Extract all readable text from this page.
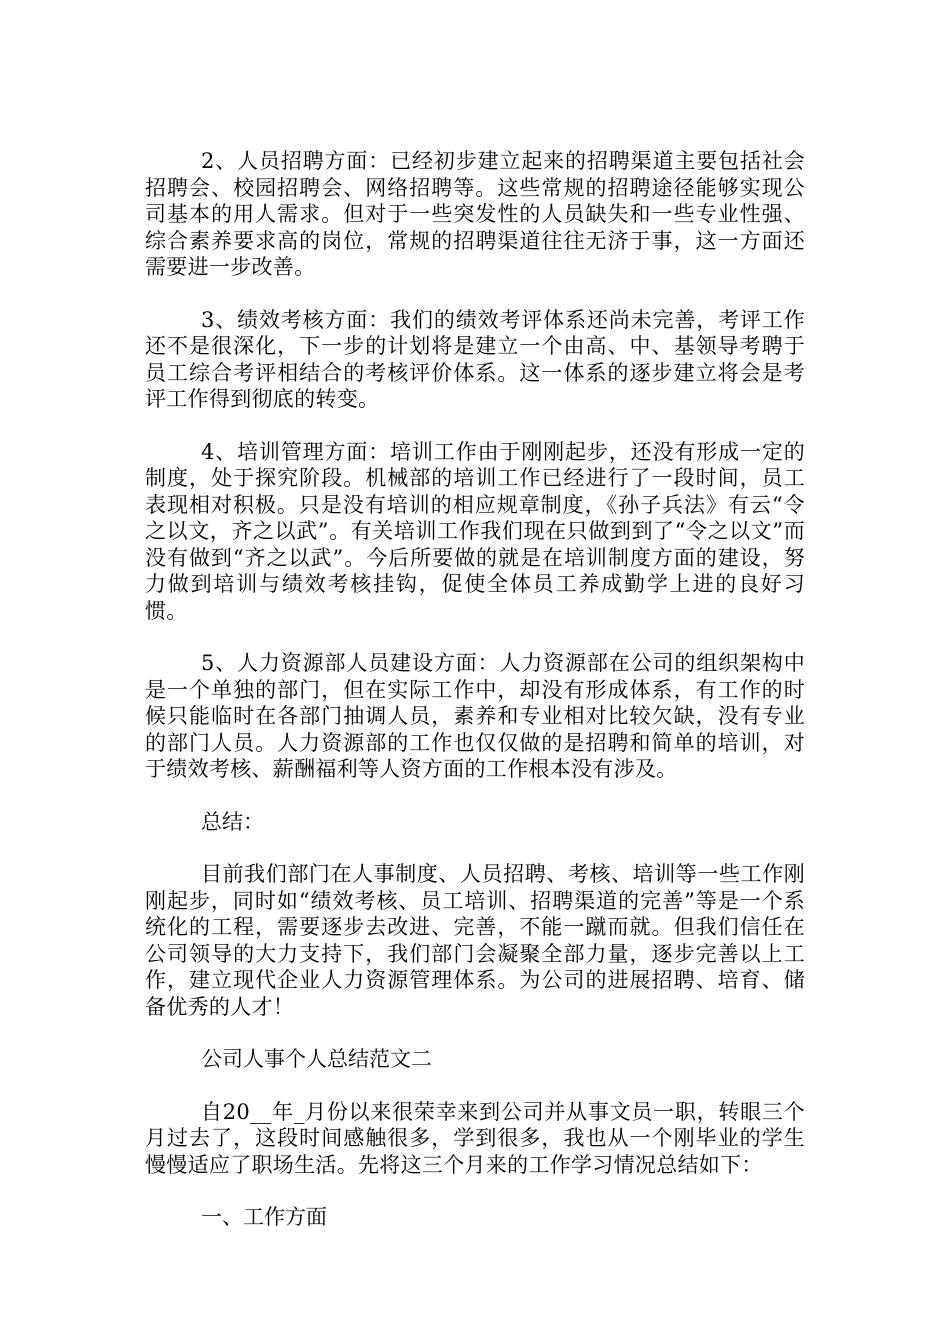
2、人员招聘方面：已经初步建立起来的招聘渠道主要包括社会招聘会、校园招聘会、网络招聘等。这些常规的招聘途径能够实现公司基本的用人需求。但对于一些突发性的人员缺失和一些专业性强、综合素养要求高的岗位，常规的招聘渠道往往无济于事，这一方面还需要进一步改善。

3、绩效考核方面：我们的绩效考评体系还尚未完善，考评工作还不是很深化，下一步的计划将是建立一个由高、中、基领导考聘于员工综合考评相结合的考核评价体系。这一体系的逐步建立将会是考评工作得到彻底的转变。

4、培训管理方面：培训工作由于刚刚起步，还没有形成一定的制度，处于探究阶段。机械部的培训工作已经进行了一段时间，员工表现相对积极。只是没有培训的相应规章制度，《孙子兵法》有云“令之以文，齐之以武”。有关培训工作我们现在只做到到了“令之以文”而没有做到“齐之以武”。今后所要做的就是在培训制度方面的建设，努力做到培训与绩效考核挂钩，促使全体员工养成勤学上进的良好习惯。

5、人力资源部人员建设方面：人力资源部在公司的组织架构中是一个单独的部门，但在实际工作中，却没有形成体系，有工作的时候只能临时在各部门抽调人员，素养和专业相对比较欠缺，没有专业的部门人员。人力资源部的工作也仅仅做的是招聘和简单的培训，对于绩效考核、薪酬福利等人资方面的工作根本没有涉及。

总结：

目前我们部门在人事制度、人员招聘、考核、培训等一些工作刚刚起步，同时如“绩效考核、员工培训、招聘渠道的完善”等是一个系统化的工程，需要逐步去改进、完善，不能一蹴而就。但我们信任在公司领导的大力支持下，我们部门会凝聚全部力量，逐步完善以上工作，建立现代企业人力资源管理体系。为公司的进展招聘、培育、储备优秀的人才！

公司人事个人总结范文二

自20__年_月份以来很荣幸来到公司并从事文员一职，转眼三个月过去了，这段时间感触很多，学到很多，我也从一个刚毕业的学生慢慢适应了职场生活。先将这三个月来的工作学习情况总结如下：

一、工作方面
